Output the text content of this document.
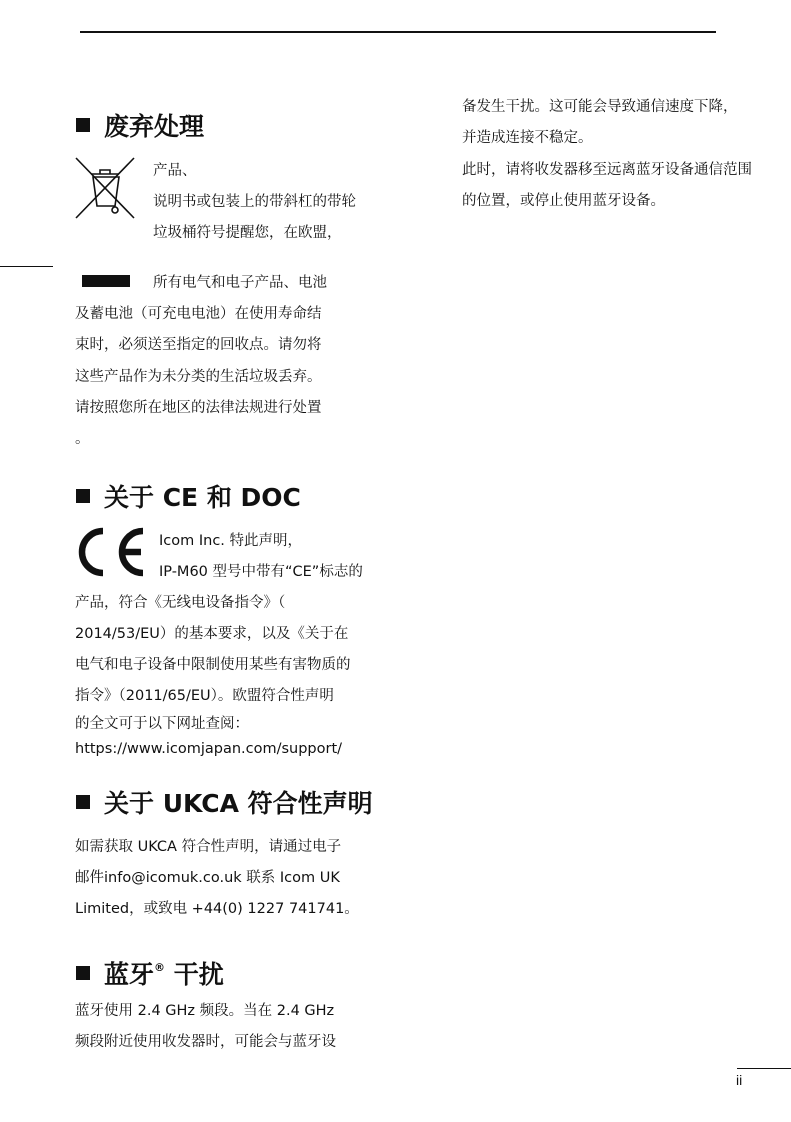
废弃处理
产品、
说明书或包装上的带斜杠的带轮
垃圾桶符号提醒您，在欧盟，
所有电气和电子产品、电池
及蓄电池（可充电电池）在使用寿命结
束时，必须送至指定的回收点。请勿将
这些产品作为未分类的生活垃圾丢弃。
请按照您所在地区的法律法规进行处置
。
关于 CE 和 DOC
Icom Inc. 特此声明，
IP-M60 型号中带有“CE”标志的
产品，符合《无线电设备指令》（
2014/53/EU）的基本要求，以及《关于在
电气和电子设备中限制使用某些有害物质的
指令》（2011/65/EU）。欧盟符合性声明
的全文可于以下网址查阅：
https://www.icomjapan.com/support/
关于 UKCA 符合性声明
如需获取 UKCA 符合性声明，请通过电子
邮件info@icomuk.co.uk 联系 Icom UK
Limited，或致电 +44(0) 1227 741741。
蓝牙® 干扰
蓝牙使用 2.4 GHz 频段。当在 2.4 GHz
频段附近使用收发器时，可能会与蓝牙设
备发生干扰。这可能会导致通信速度下降，
并造成连接不稳定。
此时，请将收发器移至远离蓝牙设备通信范围
的位置，或停止使用蓝牙设备。
ii
